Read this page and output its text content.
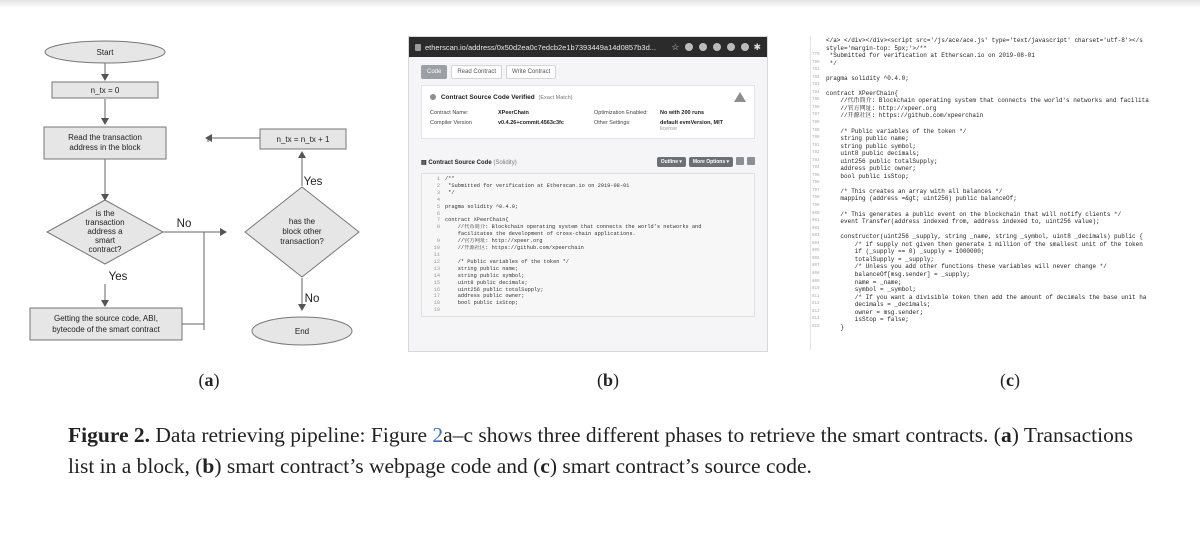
Start
n_tx = 0
Read the transaction
address in the block
n_tx = n_tx + 1
is the
transaction
address a
smart
contract?
has the
block other
transaction?
Getting the source code, ABI,
bytecode of the smart contract	End
No
Yes
Yes
No
etherscan.io/address/0x50d2ea0c7edcb2e1b7393449a14d0857b3d...	☆	✱
Code	Read Contract	Write Contract
Contract Source Code Verified (Exact Match)
Contract Name:	XPeerChain	Optimization Enabled:	No with 200 runs
Compiler Version	v0.4.26+commit.4563c3fc	Other Settings:	default evmVersion, MIT
license
▤ Contract Source Code (Solidity)	Outline ▾	More Options ▾
1 /**
2 *Submitted for verification at Etherscan.io on 2019-08-01
3 */
4
5 pragma solidity ^0.4.0;
6
7 contract XPeerChain{
8 //代币简介: Blockchain operating system that connects the world's networks and
facilitates the development of cross-chain applications.
9 //官方网址: http://xpeer.org
10 //开源社区: https://github.com/xpeerchain
11
12 /* Public variables of the token */
13 string public name;
14 string public symbol;
15 uint8 public decimals;
16 uint256 public totalSupply;
17 address public owner;
18 bool public isStop;
19
</a> </div></div><script src='/js/ace/ace.js' type='text/javascript' charset='utf-8'></s
style='margin-top: 5px;'>/**
779	*Submitted for verification at Etherscan.io on 2019-08-01
780	*/
781
782	pragma solidity ^0.4.0;
783
784	contract XPeerChain{
785	//代币简介: Blockchain operating system that connects the world's networks and facilita
786	//官方网址: http://xpeer.org
787	//开源社区: https://github.com/xpeerchain
788
789	/* Public variables of the token */
790	string public name;
791	string public symbol;
792	uint8 public decimals;
793	uint256 public totalSupply;
794	address public owner;
795	bool public isStop;
796
797	/* This creates an array with all balances */
798	mapping (address =&gt; uint256) public balanceOf;
799
800	/* This generates a public event on the blockchain that will notify clients */
801	event Transfer(address indexed from, address indexed to, uint256 value);
802
803	constructor(uint256 _supply, string _name, string _symbol, uint8 _decimals) public {
804	/* if supply not given then generate 1 million of the smallest unit of the token
805	if (_supply == 0) _supply = 1000000;
806	totalSupply = _supply;
807	/* Unless you add other functions these variables will never change */
808	balanceOf[msg.sender] = _supply;
809	name = _name;
810	symbol = _symbol;
811	/* If you want a divisible token then add the amount of decimals the base unit ha
812	decimals = _decimals;
813	owner = msg.sender;
814	isStop = false;
815	}
(a)	(b)	(c)
Figure 2. Data retrieving pipeline: Figure 2a–c shows three different phases to retrieve the smart contracts. (a) Transactions list in a block, (b) smart contract’s webpage code and (c) smart contract’s source code.
